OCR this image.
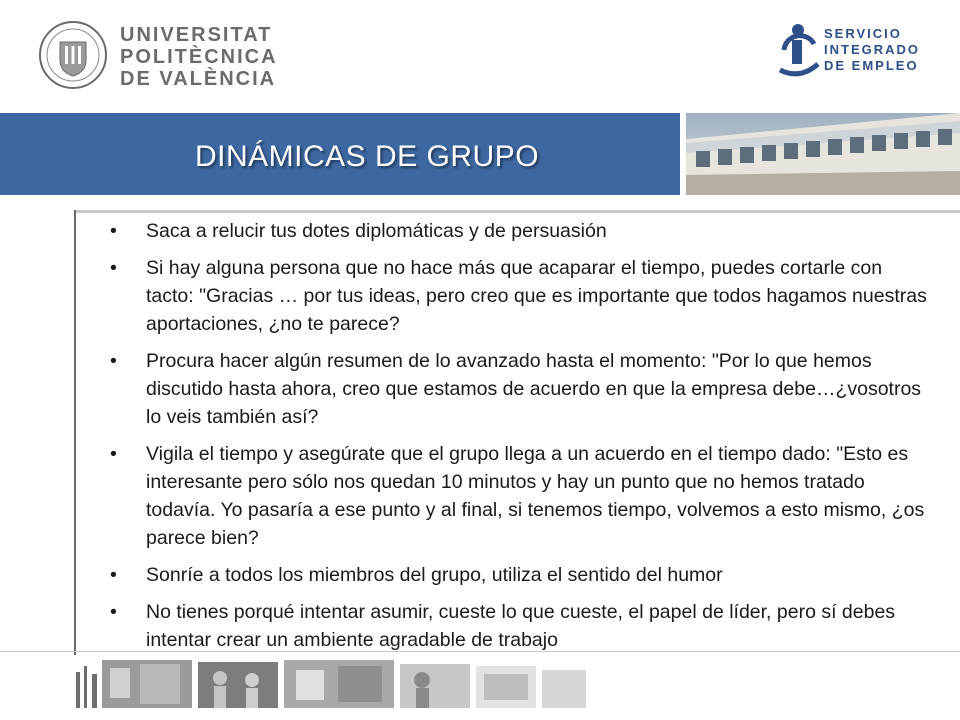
UNIVERSITAT
POLITÈCNICA
DE VALÈNCIA
SERVICIO
INTEGRADO
DE EMPLEO
DINÁMICAS DE GRUPO
• Saca a relucir tus dotes diplomáticas y de persuasión
• Si hay alguna persona que no hace más que acaparar el tiempo, puedes cortarle con tacto: "Gracias … por tus ideas, pero creo que es importante que todos hagamos nuestras aportaciones, ¿no te parece?
• Procura hacer algún resumen de lo avanzado hasta el momento: "Por lo que hemos discutido hasta ahora, creo que estamos de acuerdo en que la empresa debe…¿vosotros lo veis también así?
• Vigila el tiempo y asegúrate que el grupo llega a un acuerdo en el tiempo dado: "Esto es interesante pero sólo nos quedan 10 minutos y hay un punto que no hemos tratado todavía. Yo pasaría a ese punto y al final, si tenemos tiempo, volvemos a esto mismo, ¿os parece bien?
• Sonríe a todos los miembros del grupo, utiliza el sentido del humor
• No tienes porqué intentar asumir, cueste lo que cueste, el papel de líder, pero sí debes intentar crear un ambiente agradable de trabajo
